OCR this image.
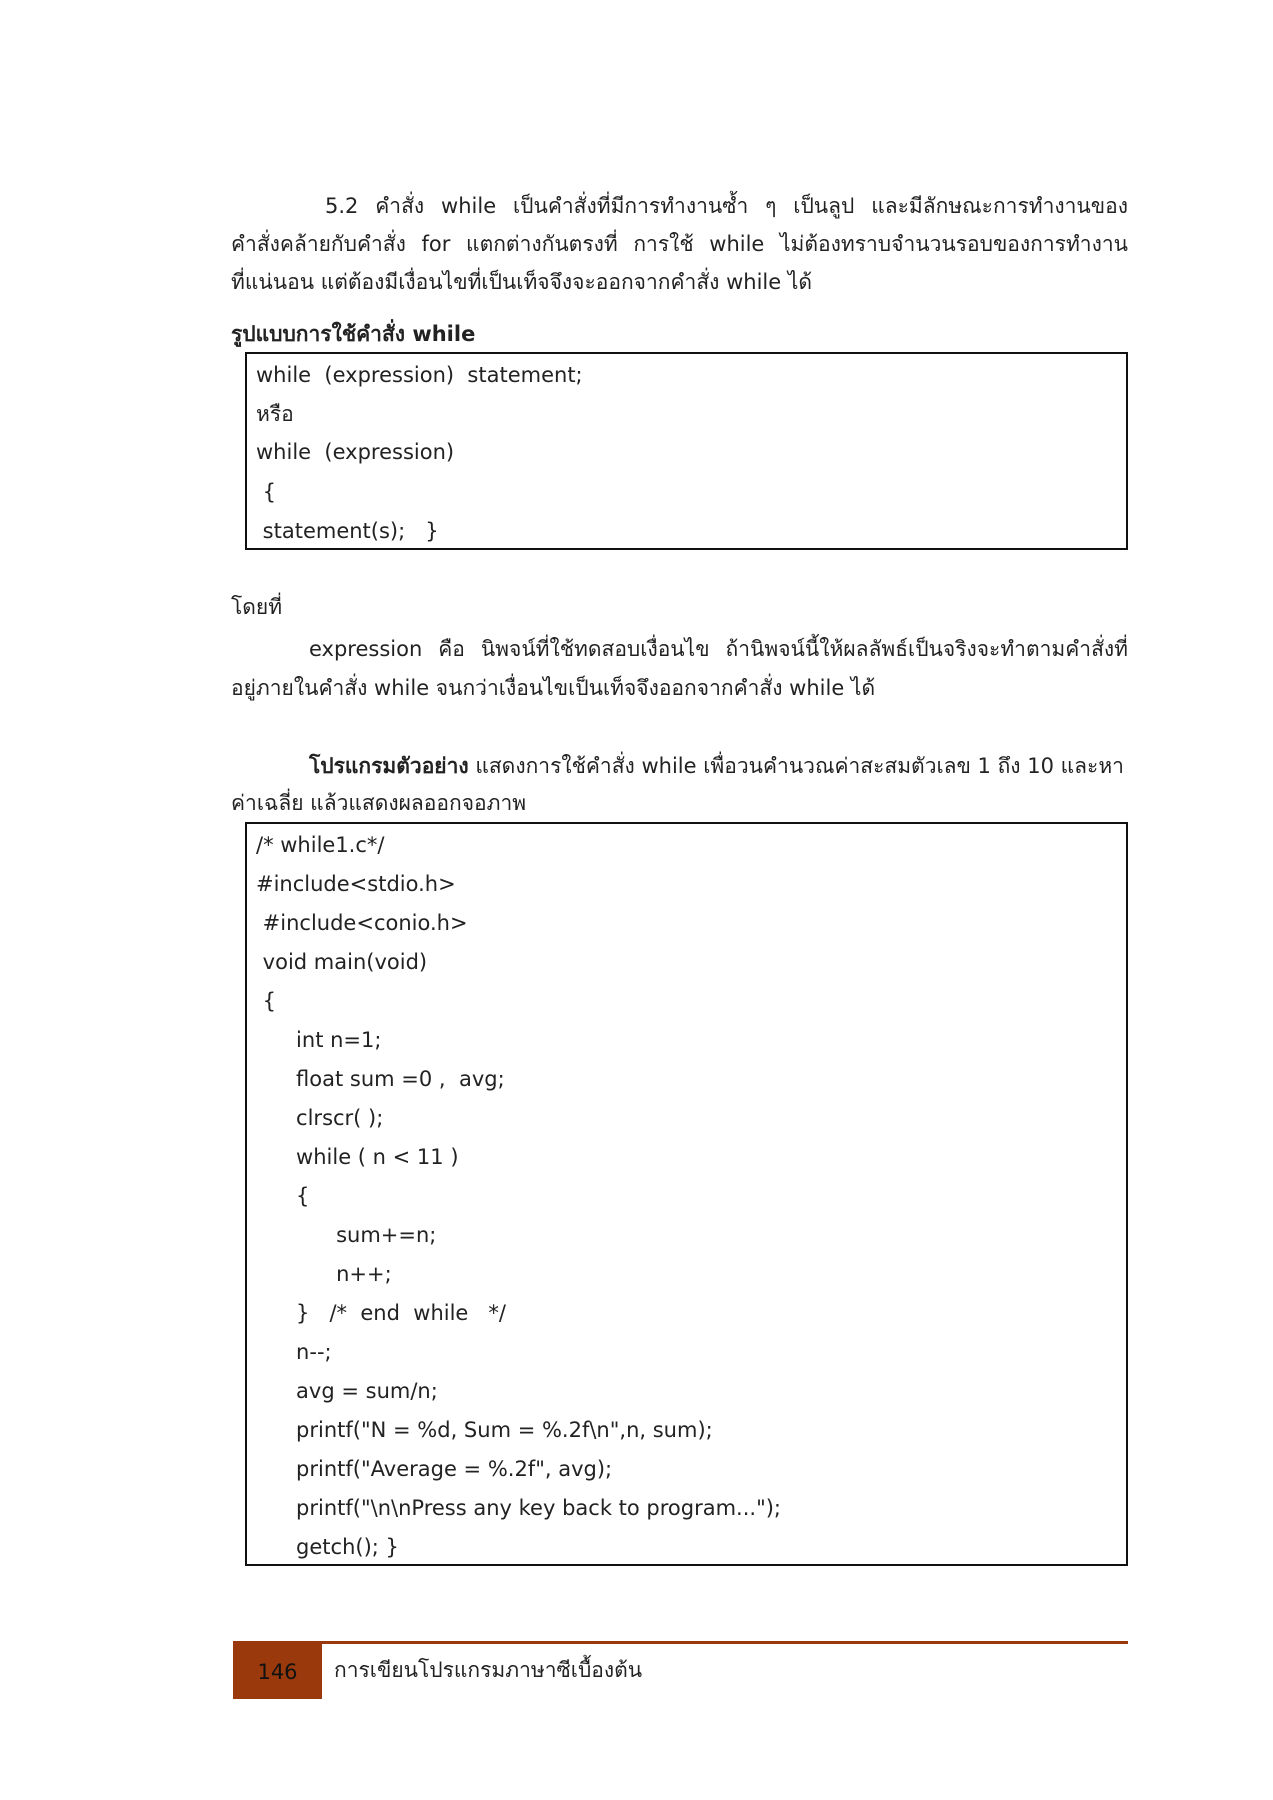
5.2 คำสั่ง while เป็นคำสั่งที่มีการทำงานซ้ำ ๆ เป็นลูป และมีลักษณะการทำงานของ
คำสั่งคล้ายกับคำสั่ง for แตกต่างกันตรงที่ การใช้ while ไม่ต้องทราบจำนวนรอบของการทำงาน
ที่แน่นอน แต่ต้องมีเงื่อนไขที่เป็นเท็จจึงจะออกจากคำสั่ง while ได้
รูปแบบการใช้คำสั่ง while
while  (expression)  statement;
หรือ
while  (expression)
{
statement(s);   }
โดยที่
expression คือ นิพจน์ที่ใช้ทดสอบเงื่อนไข ถ้านิพจน์นี้ให้ผลลัพธ์เป็นจริงจะทำตามคำสั่งที่
อยู่ภายในคำสั่ง while จนกว่าเงื่อนไขเป็นเท็จจึงออกจากคำสั่ง while ได้
โปรแกรมตัวอย่าง แสดงการใช้คำสั่ง while เพื่อวนคำนวณค่าสะสมตัวเลข 1 ถึง 10 และหา
ค่าเฉลี่ย แล้วแสดงผลออกจอภาพ
/* while1.c*/
#include<stdio.h>
#include<conio.h>
void main(void)
{
int n=1;
float sum =0 ,  avg;
clrscr( );
while ( n < 11 )
{
sum+=n;
n++;
}   /*  end  while   */
n--;
avg = sum/n;
printf("N = %d, Sum = %.2f\n",n, sum);
printf("Average = %.2f", avg);
printf("\n\nPress any key back to program...");
getch(); }
146	การเขียนโปรแกรมภาษาซีเบื้องต้น
